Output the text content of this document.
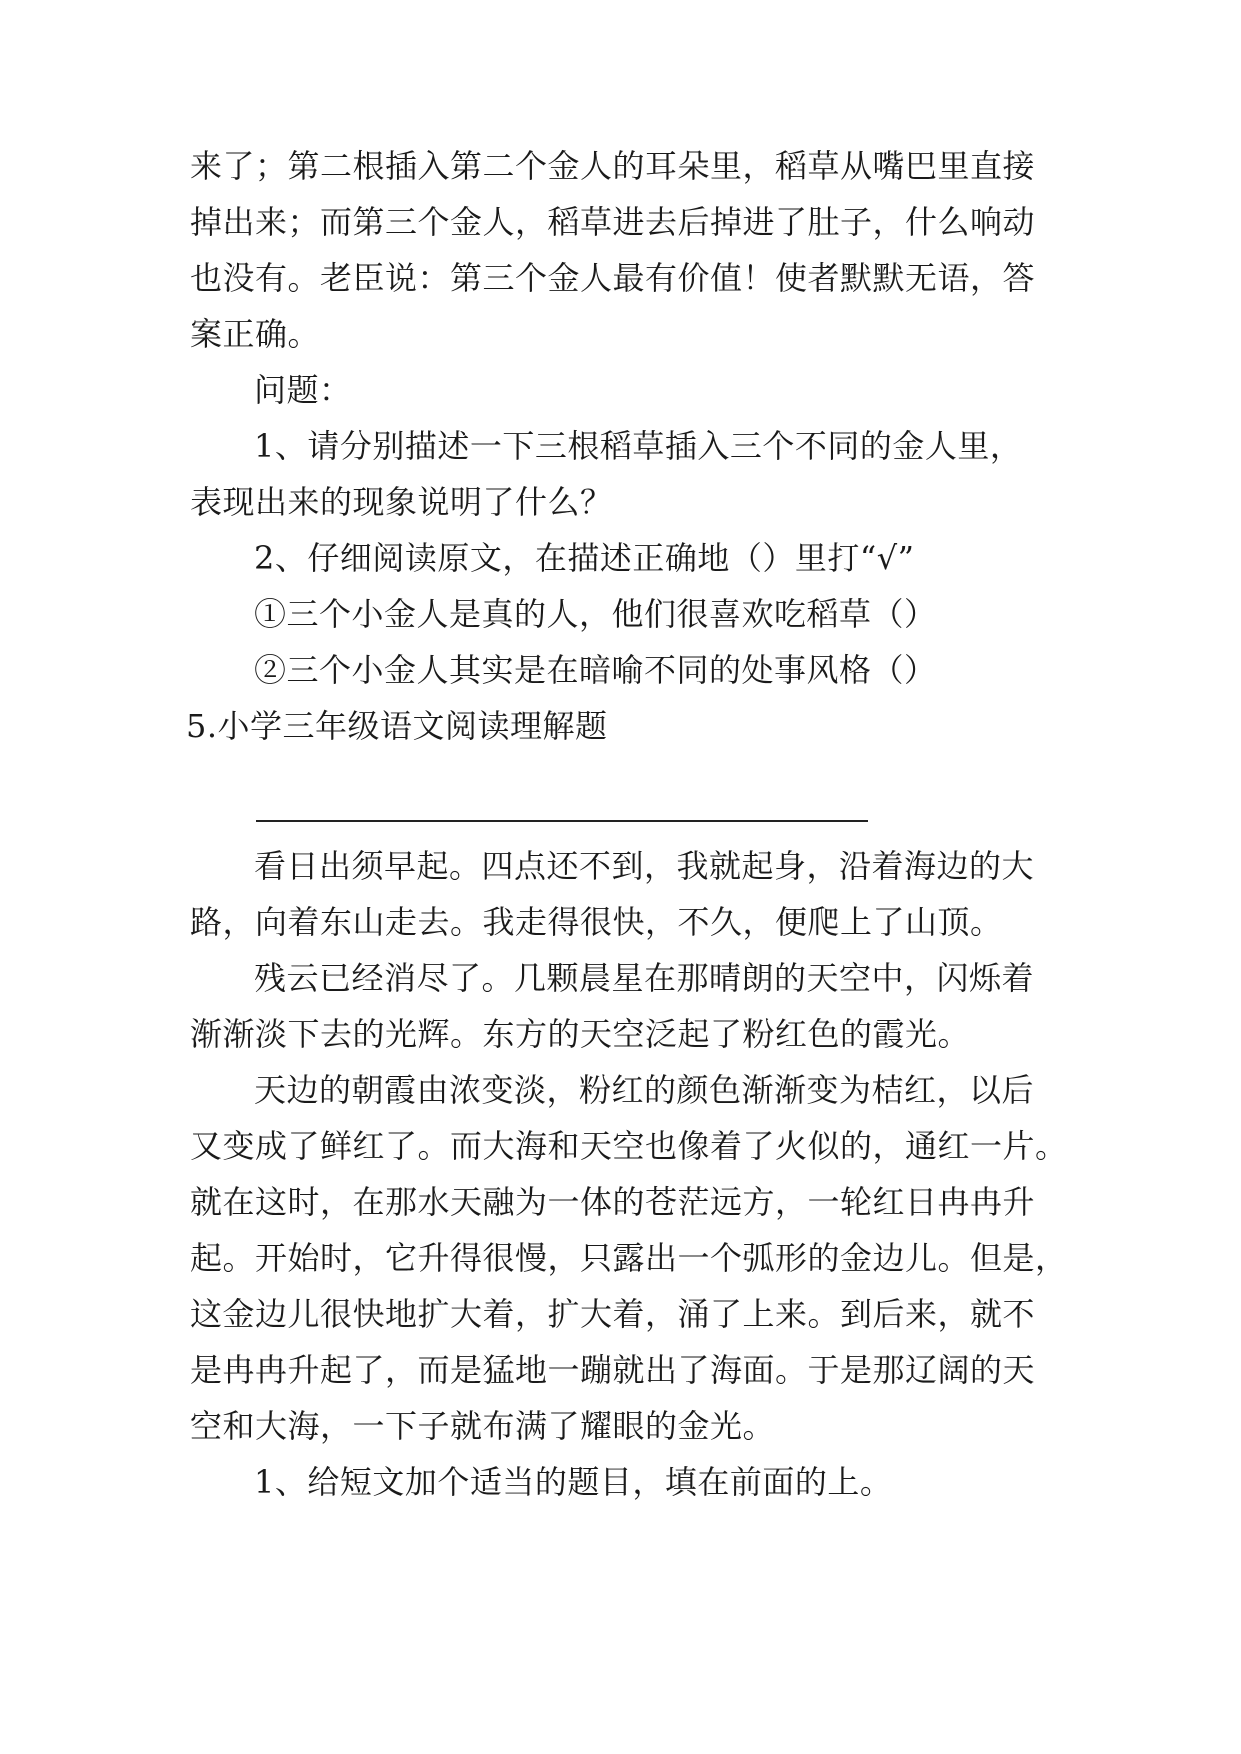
来了；第二根插入第二个金人的耳朵里，稻草从嘴巴里直接
掉出来；而第三个金人，稻草进去后掉进了肚子，什么响动
也没有。老臣说：第三个金人最有价值！使者默默无语，答
案正确。
问题：
1、请分别描述一下三根稻草插入三个不同的金人里，
表现出来的现象说明了什么？
2、仔细阅读原文，在描述正确地（）里打“√”
①三个小金人是真的人，他们很喜欢吃稻草（）
②三个小金人其实是在暗喻不同的处事风格（）
5.小学三年级语文阅读理解题
看日出须早起。四点还不到，我就起身，沿着海边的大
路，向着东山走去。我走得很快，不久，便爬上了山顶。
残云已经消尽了。几颗晨星在那晴朗的天空中，闪烁着
渐渐淡下去的光辉。东方的天空泛起了粉红色的霞光。
天边的朝霞由浓变淡，粉红的颜色渐渐变为桔红，以后
又变成了鲜红了。而大海和天空也像着了火似的，通红一片。
就在这时，在那水天融为一体的苍茫远方，一轮红日冉冉升
起。开始时，它升得很慢，只露出一个弧形的金边儿。但是，
这金边儿很快地扩大着，扩大着，涌了上来。到后来，就不
是冉冉升起了，而是猛地一蹦就出了海面。于是那辽阔的天
空和大海，一下子就布满了耀眼的金光。
1、给短文加个适当的题目，填在前面的上。
